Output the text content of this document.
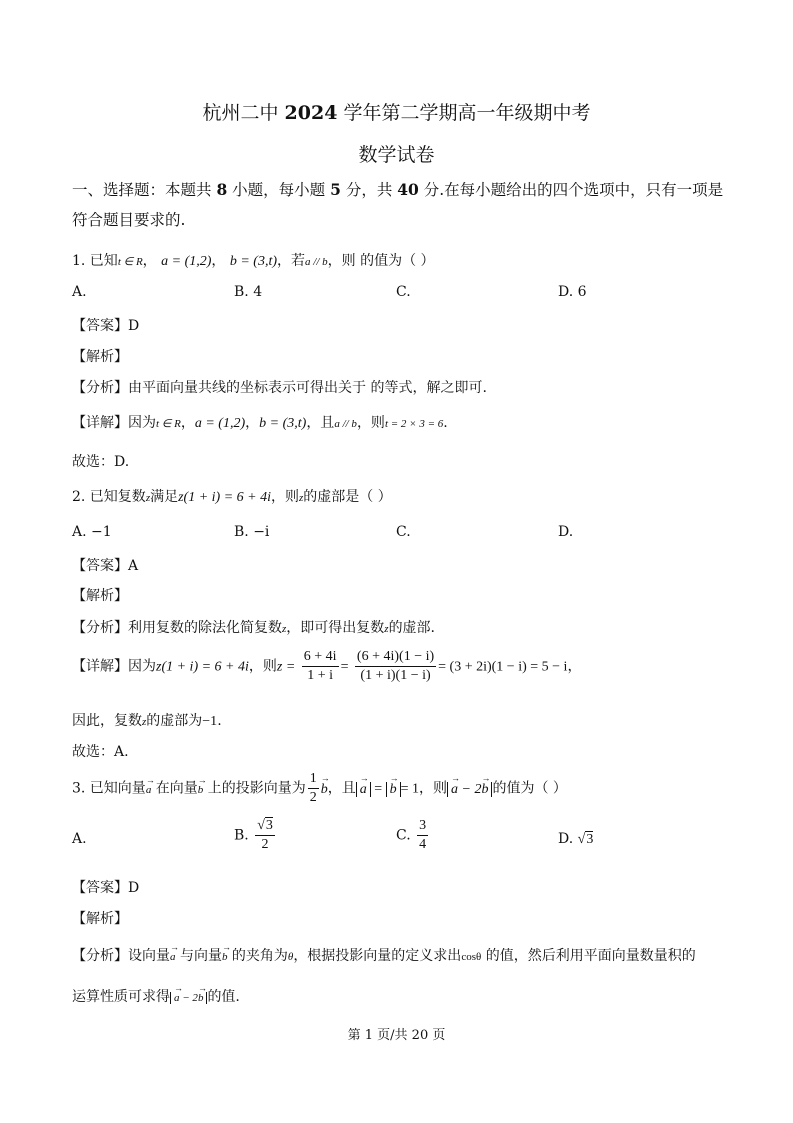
杭州二中 2024 学年第二学期高一年级期中考
数学试卷
一、选择题：本题共 8 小题，每小题 5 分，共 40 分.在每小题给出的四个选项中，只有一项是
符合题目要求的.
1. 已知t ∈ R， a = (1,2)， b = (3,t)，若a // b，则 的值为（ ）
A.	B. 4	C.	D. 6
【答案】D
【解析】
【分析】由平面向量共线的坐标表示可得出关于 的等式，解之即可.
【详解】因为t ∈ R，a = (1,2)，b = (3,t)，且a // b，则t = 2 × 3 = 6.
故选：D.
2. 已知复数z满足z(1 + i) = 6 + 4i，则z的虚部是（ ）
A. −1	B. −i	C.	D.
【答案】A
【解析】
【分析】利用复数的除法化简复数z，即可得出复数z的虚部.
【详解】因为z(1 + i) = 6 + 4i，则$z = \frac{6 + 4i}{1 + i} = \frac{(6 + 4i)(1 - i)}{(1 + i)(1 - i)} = (3 + 2i)(1 - i) = 5 - i$，
因此，复数z的虚部为−1.
故选：A.
3. 已知向量→ a 在向量→ b 上的投影向量为 $\frac{1}{2}$
→ b，且→ a = → b = 1，则→ a − 2→ b 的值为（ ）
A.	B. $\frac{√3}{2}$	C. $\frac{3}{4}$	D. √3
【答案】D
【解析】
【分析】设向量→ a 与向量→ b 的夹角为θ，根据投影向量的定义求出cosθ 的值，然后利用平面向量数量积的
运算性质可求得→ a − 2→ b 的值.
第 1 页/共 20 页
